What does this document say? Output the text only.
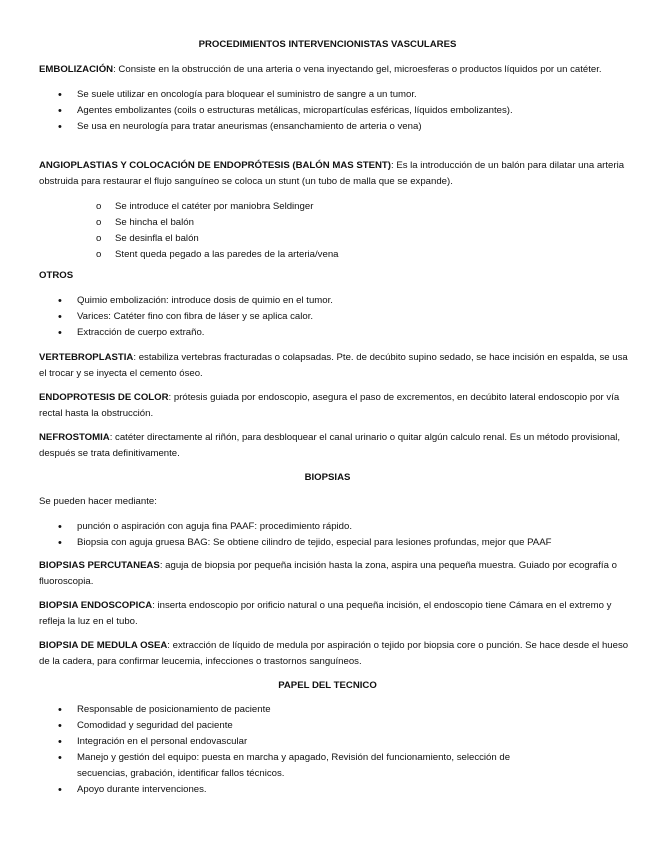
PROCEDIMIENTOS INTERVENCIONISTAS VASCULARES

EMBOLIZACIÓN: Consiste en la obstrucción de una arteria o vena inyectando gel, microesferas o productos líquidos por un catéter.

• Se suele utilizar en oncología para bloquear el suministro de sangre a un tumor.
• Agentes embolizantes (coils o estructuras metálicas, micropartículas esféricas, líquidos embolizantes).
• Se usa en neurología para tratar aneurismas (ensanchamiento de arteria o vena)

ANGIOPLASTIAS Y COLOCACIÓN DE ENDOPRÓTESIS (BALÓN MAS STENT): Es la introducción de un balón para dilatar una arteria obstruida para restaurar el flujo sanguíneo se coloca un stunt (un tubo de malla que se expande).

o Se introduce el catéter por maniobra Seldinger
o Se hincha el balón
o Se desinfla el balón
o Stent queda pegado a las paredes de la arteria/vena

OTROS

• Quimio embolización: introduce dosis de quimio en el tumor.
• Varices: Catéter fino con fibra de láser y se aplica calor.
• Extracción de cuerpo extraño.

VERTEBROPLASTIA: estabiliza vertebras fracturadas o colapsadas. Pte. de decúbito supino sedado, se hace incisión en espalda, se usa el trocar y se inyecta el cemento óseo.

ENDOPROTESIS DE COLOR: prótesis guiada por endoscopio, asegura el paso de excrementos, en decúbito lateral endoscopio por vía rectal hasta la obstrucción.

NEFROSTOMIA: catéter directamente al riñón, para desbloquear el canal urinario o quitar algún calculo renal. Es un método provisional, después se trata definitivamente.

BIOPSIAS

Se pueden hacer mediante:

• punción o aspiración con aguja fina PAAF: procedimiento rápido.
• Biopsia con aguja gruesa BAG: Se obtiene cilindro de tejido, especial para lesiones profundas, mejor que PAAF

BIOPSIAS PERCUTANEAS: aguja de biopsia por pequeña incisión hasta la zona, aspira una pequeña muestra. Guiado por ecografía o fluoroscopia.

BIOPSIA ENDOSCOPICA: inserta endoscopio por orificio natural o una pequeña incisión, el endoscopio tiene Cámara en el extremo y refleja la luz en el tubo.

BIOPSIA DE MEDULA OSEA: extracción de líquido de medula por aspiración o tejido por biopsia core o punción. Se hace desde el hueso de la cadera, para confirmar leucemia, infecciones o trastornos sanguíneos.

PAPEL DEL TECNICO
• Responsable de posicionamiento de paciente
• Comodidad y seguridad del paciente
• Integración en el personal endovascular
• Manejo y gestión del equipo: puesta en marcha y apagado, Revisión del funcionamiento, selección de secuencias, grabación, identificar fallos técnicos.
• Apoyo durante intervenciones.
